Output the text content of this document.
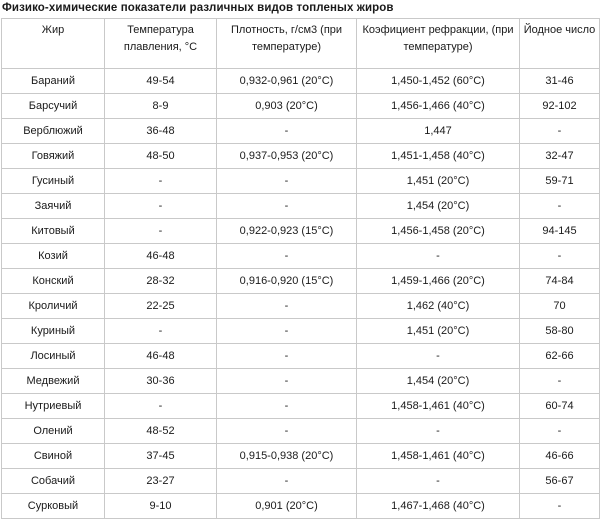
Физико-химические показатели различных видов топленых жиров
Жир	Температура плавления, °С	Плотность, г/см3 (при температуре)	Коэфициент рефракции, (при температуре)	Йодное число
Бараний	49-54	0,932-0,961 (20°С)	1,450-1,452 (60°С)	31-46
Барсучий	8-9	0,903 (20°С)	1,456-1,466 (40°С)	92-102
Верблюжий	36-48	-	1,447	-
Говяжий	48-50	0,937-0,953 (20°С)	1,451-1,458 (40°С)	32-47
Гусиный	-	-	1,451 (20°С)	59-71
Заячий	-	-	1,454 (20°С)	-
Китовый	-	0,922-0,923 (15°С)	1,456-1,458 (20°С)	94-145
Козий	46-48	-	-	-
Конский	28-32	0,916-0,920 (15°С)	1,459-1,466 (20°С)	74-84
Кроличий	22-25	-	1,462 (40°С)	70
Куриный	-	-	1,451 (20°С)	58-80
Лосиный	46-48	-	-	62-66
Медвежий	30-36	-	1,454 (20°С)	-
Нутриевый	-	-	1,458-1,461 (40°С)	60-74
Олений	48-52	-	-	-
Свиной	37-45	0,915-0,938 (20°С)	1,458-1,461 (40°С)	46-66
Собачий	23-27	-	-	56-67
Сурковый	9-10	0,901 (20°С)	1,467-1,468 (40°С)	-
